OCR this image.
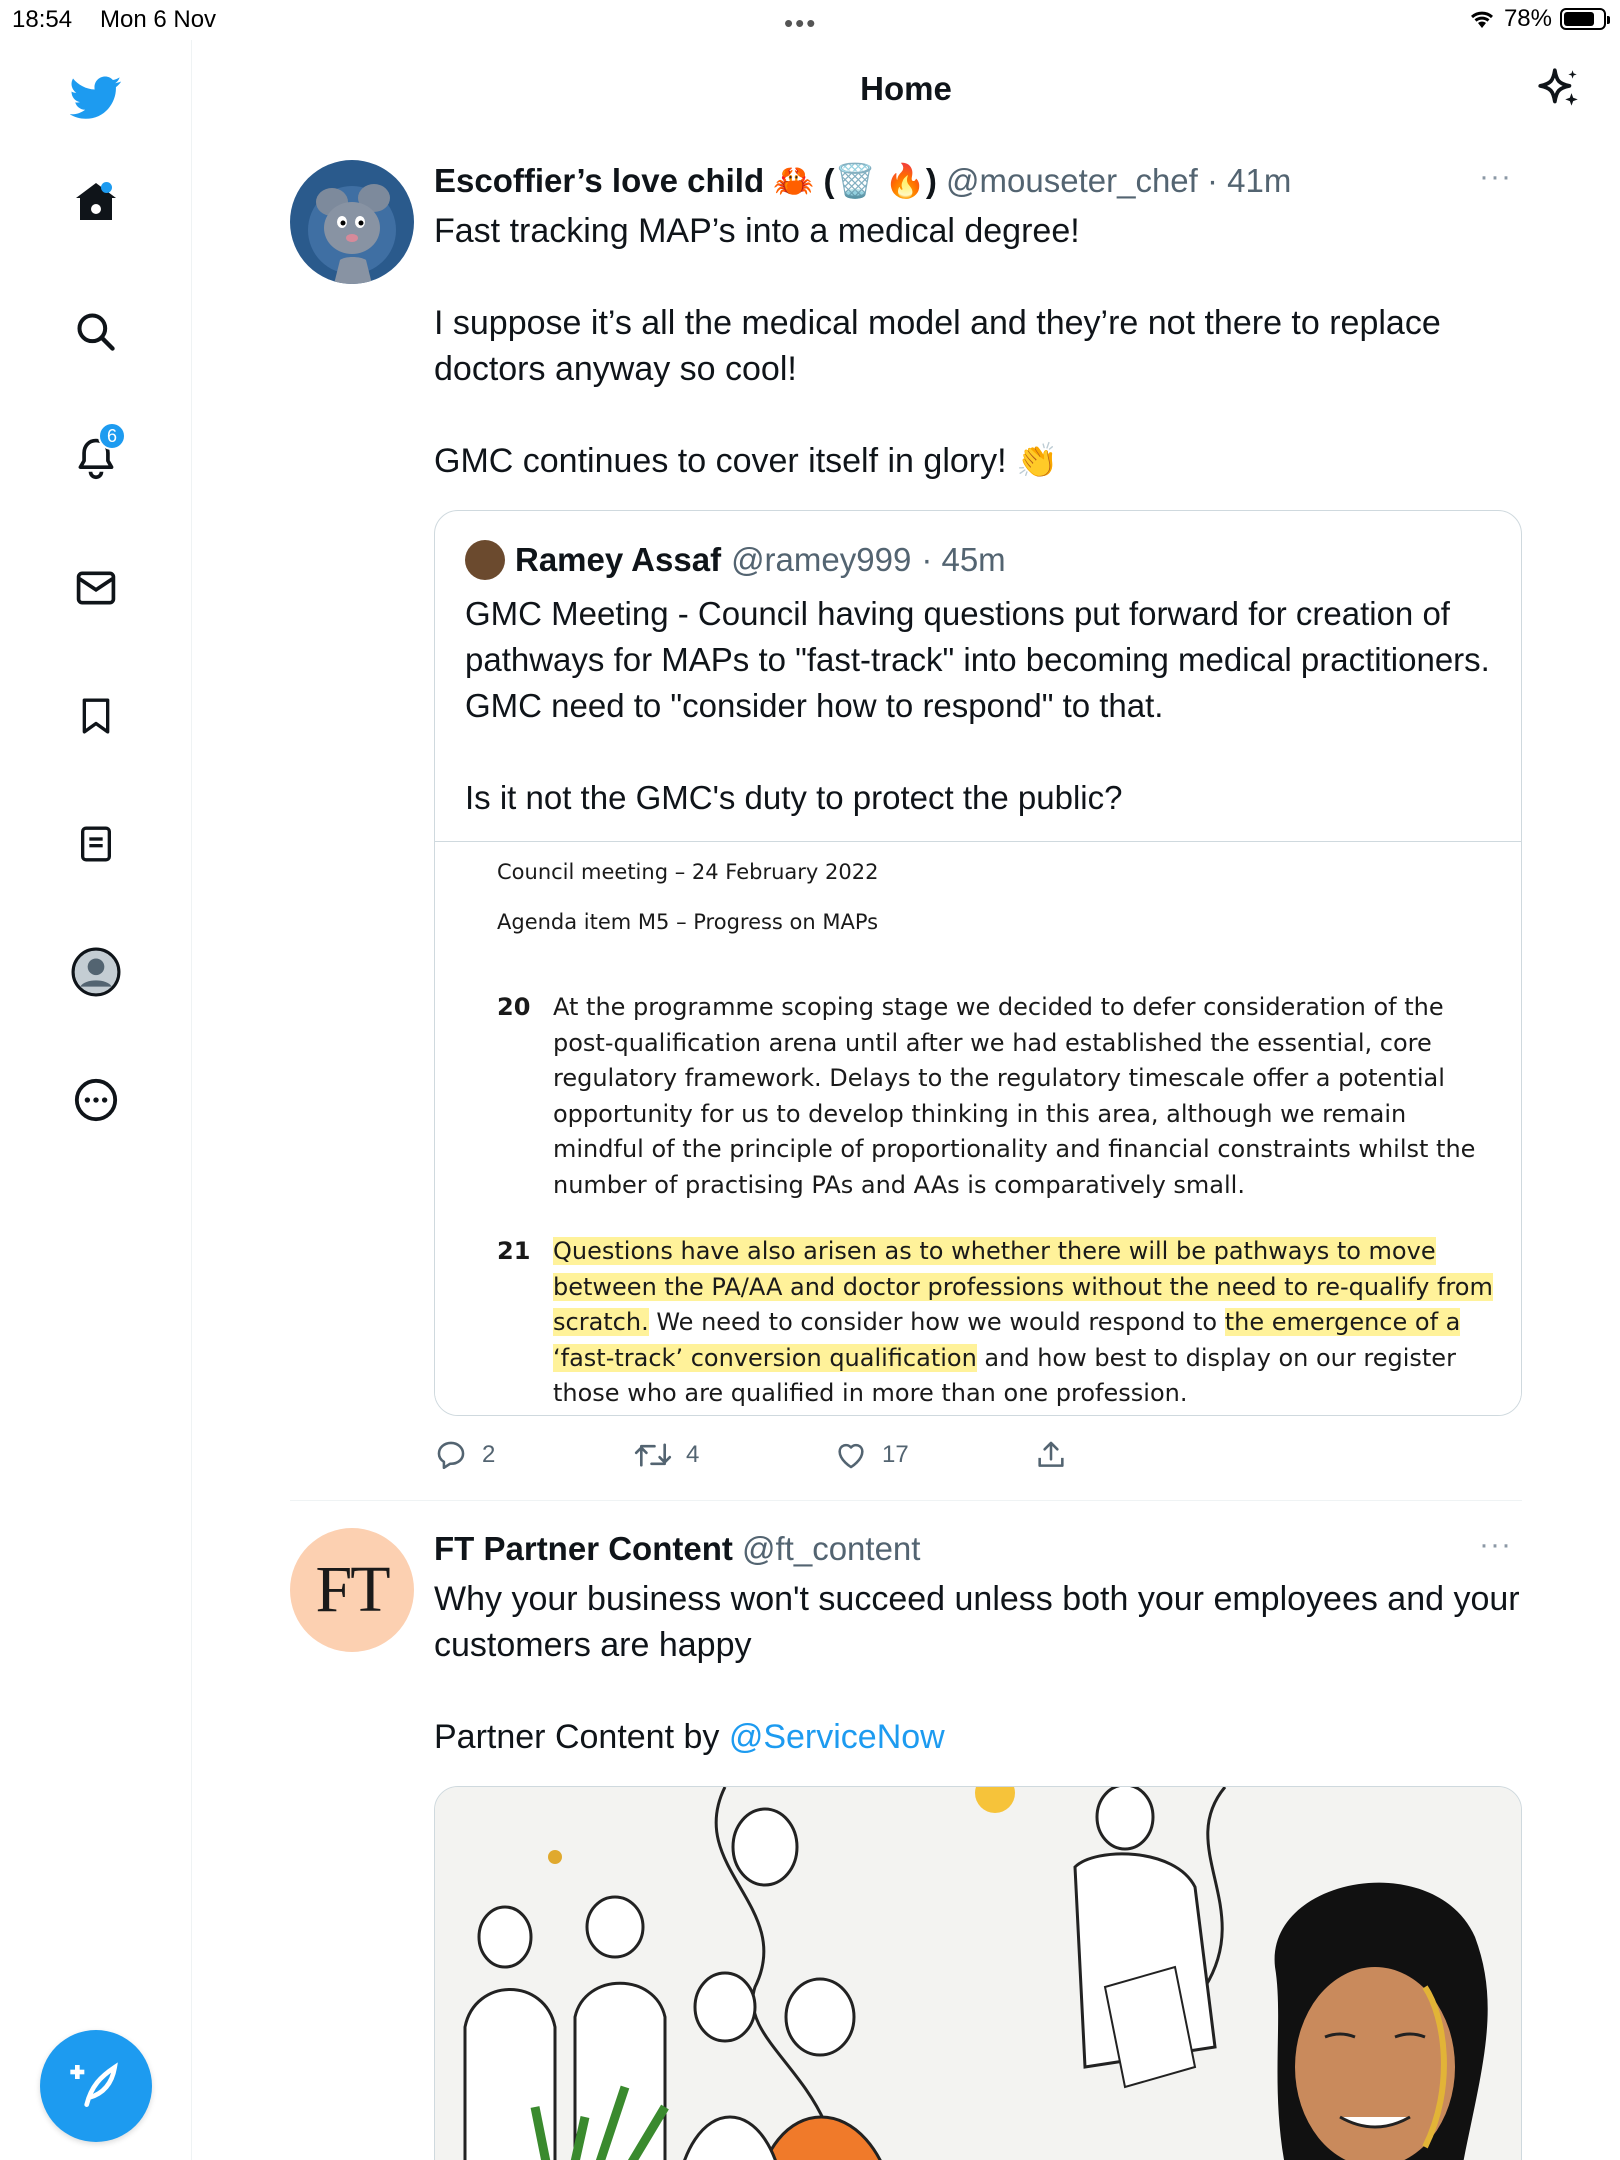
18:54 Mon 6 Nov	•••	78%
6
Home
Escoffier’s love child 🦀 (🗑️ 🔥) @mouseter_chef · 41m	···
Fast tracking MAP’s into a medical degree!

I suppose it’s all the medical model and they’re not there to replace doctors anyway so cool!

GMC continues to cover itself in glory! 👏
Ramey Assaf @ramey999 · 45m
GMC Meeting - Council having questions put forward for creation of pathways for MAPs to "fast-track" into becoming medical practitioners. GMC need to "consider how to respond" to that.

Is it not the GMC's duty to protect the public?
Council meeting – 24 February 2022
Agenda item M5 – Progress on MAPs
20 At the programme scoping stage we decided to defer consideration of the post-qualification arena until after we had established the essential, core regulatory framework. Delays to the regulatory timescale offer a potential opportunity for us to develop thinking in this area, although we remain mindful of the principle of proportionality and financial constraints whilst the number of practising PAs and AAs is comparatively small.
21 Questions have also arisen as to whether there will be pathways to move between the PA/AA and doctor professions without the need to re-qualify from scratch. We need to consider how we would respond to the emergence of a ‘fast-track’ conversion qualification and how best to display on our register those who are qualified in more than one profession.
2	4	17
FT
FT Partner Content @ft_content	···
Why your business won't succeed unless both your employees and your customers are happy
Partner Content by @ServiceNow
